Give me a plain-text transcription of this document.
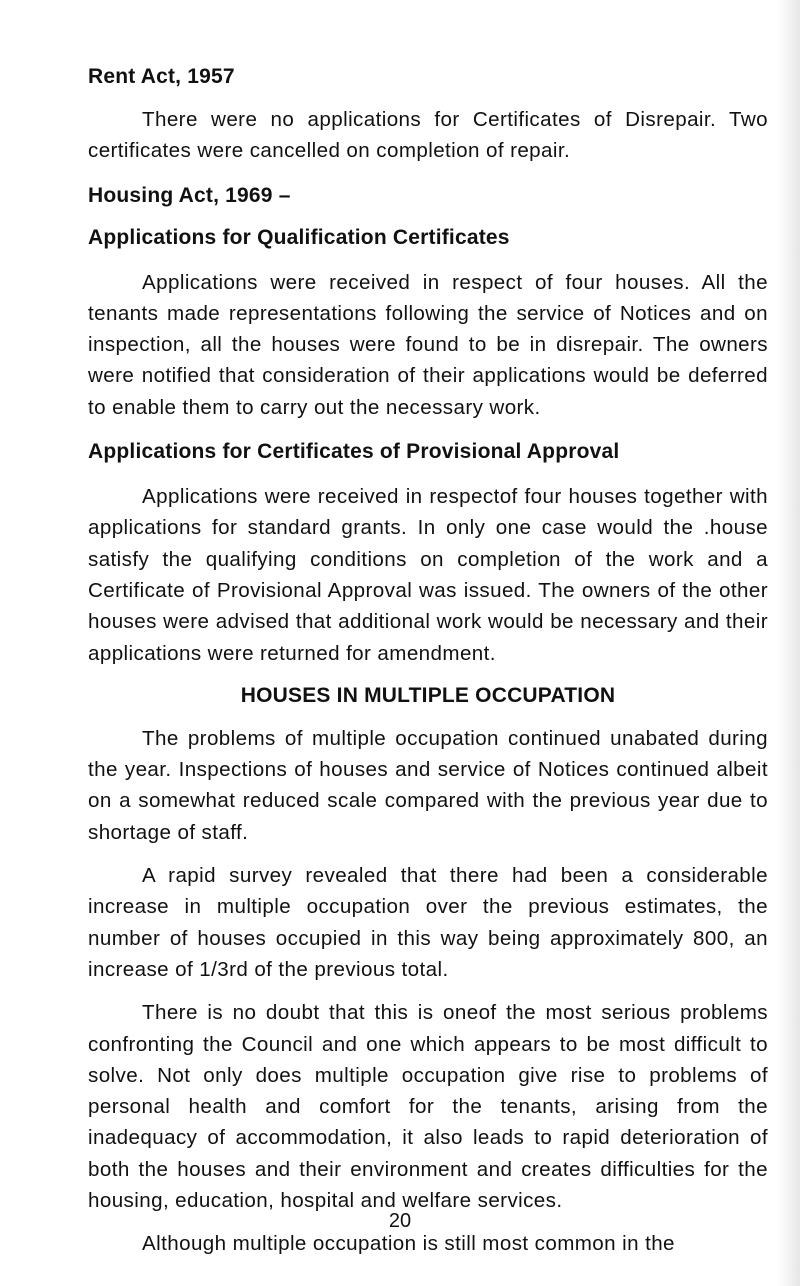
Rent Act, 1957

There were no applications for Certificates of Disrepair. Two certificates were cancelled on completion of repair.

Housing Act, 1969 –
Applications for Qualification Certificates

Applications were received in respect of four houses. All the tenants made representations following the service of Notices and on inspection, all the houses were found to be in disrepair. The owners were notified that consideration of their applications would be deferred to enable them to carry out the necessary work.

Applications for Certificates of Provisional Approval

Applications were received in respectof four houses together with applications for standard grants. In only one case would the .house satisfy the qualifying conditions on completion of the work and a Certificate of Provisional Approval was issued. The owners of the other houses were advised that additional work would be necessary and their applications were returned for amendment.

HOUSES IN MULTIPLE OCCUPATION

The problems of multiple occupation continued unabated during the year. Inspections of houses and service of Notices continued albeit on a somewhat reduced scale compared with the previous year due to shortage of staff.

A rapid survey revealed that there had been a considerable increase in multiple occupation over the previous estimates, the number of houses occupied in this way being approximately 800, an increase of 1/3rd of the previous total.

There is no doubt that this is oneof the most serious problems confronting the Council and one which appears to be most difficult to solve. Not only does multiple occupation give rise to problems of personal health and comfort for the tenants, arising from the inadequacy of accommodation, it also leads to rapid deterioration of both the houses and their environment and creates difficulties for the housing, education, hospital and welfare services.

Although multiple occupation is still most common in the

20
